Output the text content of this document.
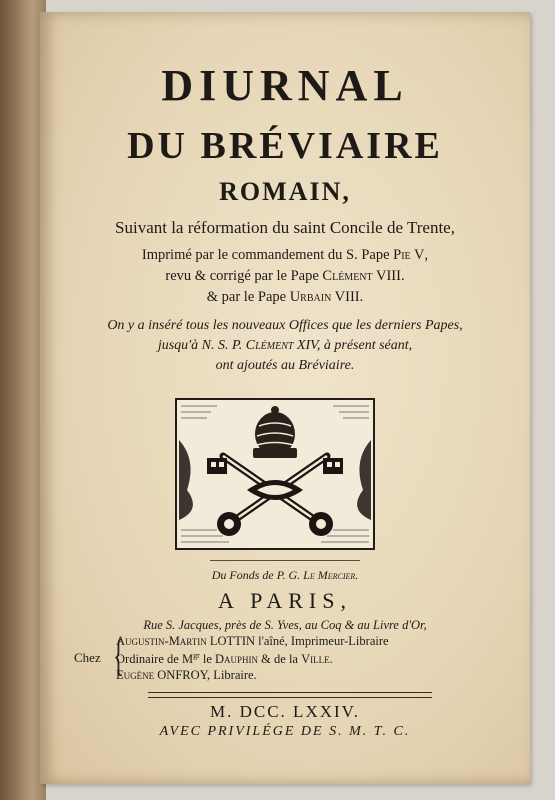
DIURNAL
DU BRÉVIAIRE
ROMAIN,
Suivant la réformation du saint Concile de Trente,
Imprimé par le commandement du S. Pape Pie V,
revu & corrigé par le Pape Clément VIII.
& par le Pape Urbain VIII.
On y a inséré tous les nouveaux Offices que les derniers Papes,
jusqu'à N. S. P. Clément XIV, à présent séant,
ont ajoutés au Bréviaire.
Du Fonds de P. G. Le Mercier.
A PARIS,
Rue S. Jacques, près de S. Yves, au Coq & au Livre d'Or,
Chez {
Augustin-Martin LOTTIN l'aîné, Imprimeur-Libraire
Ordinaire de $M^{gr}$ le Dauphin & de la Ville.
Eugène ONFROY, Libraire.
M. DCC. LXXIV.
AVEC PRIVILÉGE DE S. M. T. C.
